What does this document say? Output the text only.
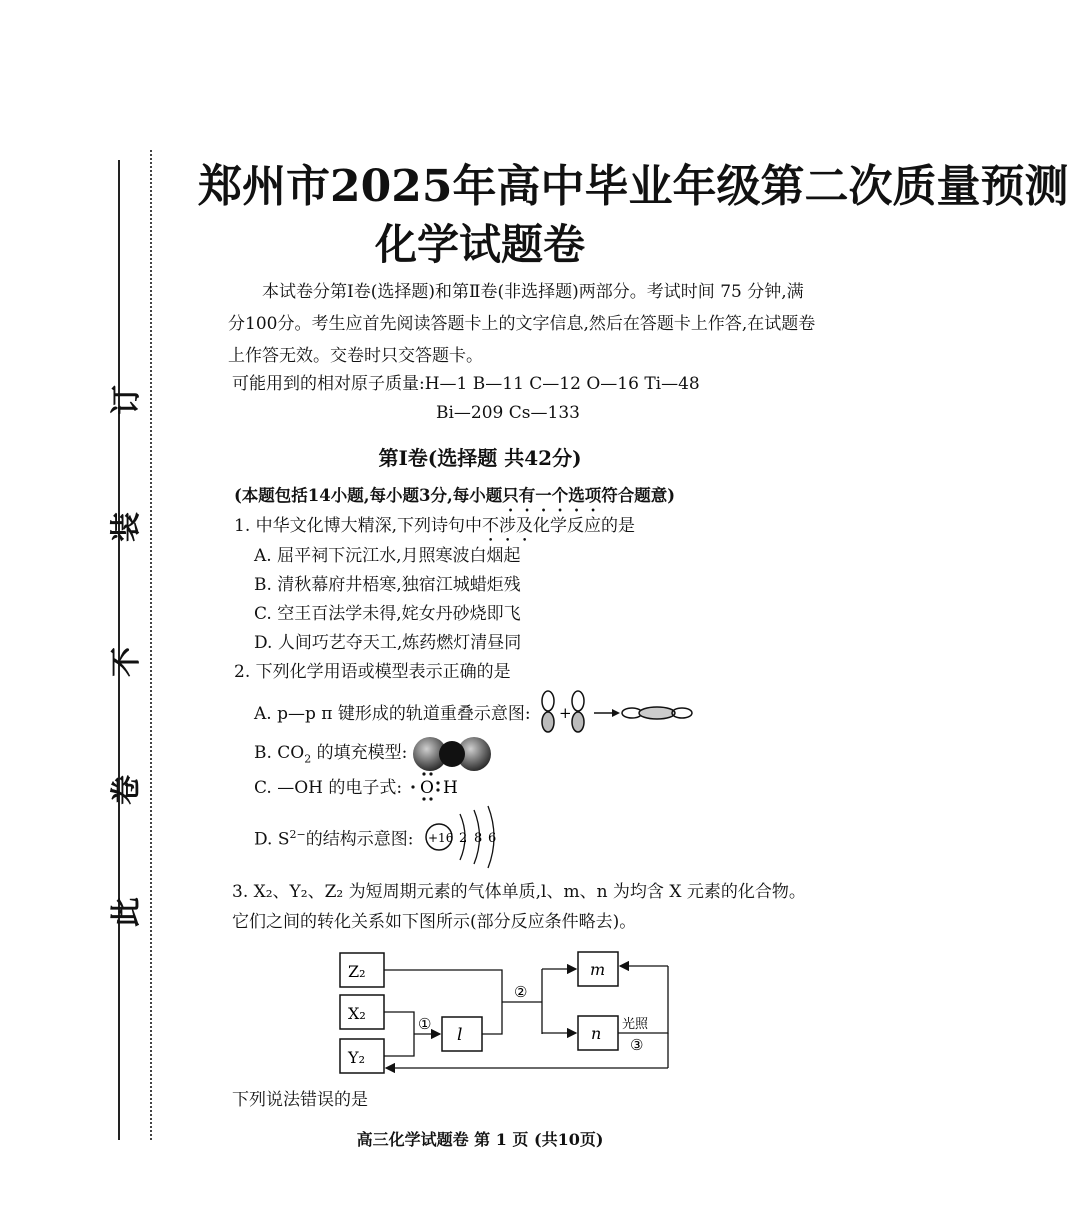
此
卷
不
装
订
郑州市2025年高中毕业年级第二次质量预测
化学试题卷
本试卷分第Ⅰ卷(选择题)和第Ⅱ卷(非选择题)两部分。考试时间 75 分钟,满分100分。考生应首先阅读答题卡上的文字信息,然后在答题卡上作答,在试题卷上作答无效。交卷时只交答题卡。
可能用到的相对原子质量:H—1 B—11 C—12 O—16 Ti—48
Bi—209 Cs—133
第Ⅰ卷(选择题 共42分)
(本题包括14小题,每小题3分,每小题只有一个选项符合题意)
1. 中华文化博大精深,下列诗句中不涉及化学反应的是
A. 屈平祠下沅江水,月照寒波白烟起
B. 清秋幕府井梧寒,独宿江城蜡炬残
C. 空王百法学未得,姹女丹砂烧即飞
D. 人间巧艺夺天工,炼药燃灯清昼同
2. 下列化学用语或模型表示正确的是
A. p—p π 键形成的轨道重叠示意图: +
B. $CO_2$ 的填充模型:
C. —OH 的电子式: O H
D. $S^{2-}$的结构示意图: +16 2 8 6
3. X₂、Y₂、Z₂ 为短周期元素的气体单质,l、m、n 为均含 X 元素的化合物。
它们之间的转化关系如下图所示(部分反应条件略去)。
Z₂
X₂
Y₂
l
m
n
①
②
光照
③
下列说法错误的是
高三化学试题卷 第 1 页 (共10页)
